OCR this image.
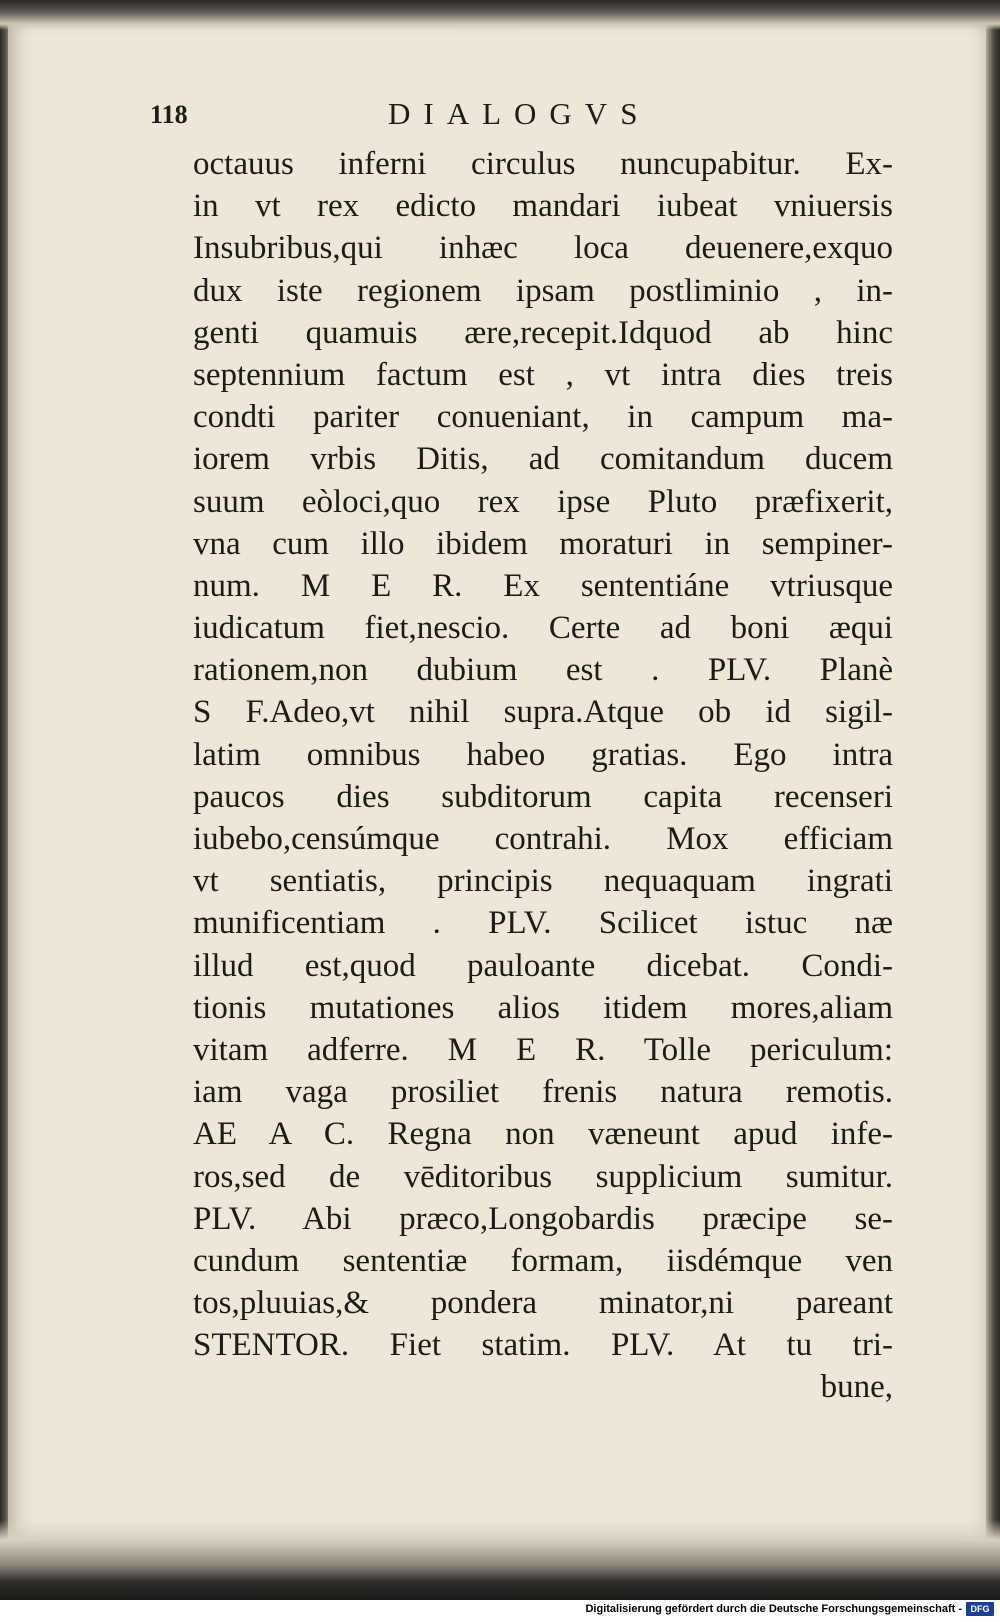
118	DIALOGVS
octauus inferni circulus nuncupabitur. Ex-
in vt rex edicto mandari iubeat vniuersis
Insubribus,qui inhæc loca deuenere,exquo
dux iste regionem ipsam postliminio , in-
genti quamuis ære,recepit.Idquod ab hinc
septennium factum est , vt intra dies treis
condti pariter conueniant, in campum ma-
iorem vrbis Ditis, ad comitandum ducem
suum eòloci,quo rex ipse Pluto præfixerit,
vna cum illo ibidem moraturi in sempiner-
num. M E R. Ex sententiáne vtriusque
iudicatum fiet,nescio. Certe ad boni æqui
rationem,non dubium est . PLV. Planè
S F.Adeo,vt nihil supra.Atque ob id sigil-
latim omnibus habeo gratias. Ego intra
paucos dies subditorum capita recenseri
iubebo,censúmque contrahi. Mox efficiam
vt sentiatis, principis nequaquam ingrati
munificentiam . PLV. Scilicet istuc næ
illud est,quod pauloante dicebat. Condi-
tionis mutationes alios itidem mores,aliam
vitam adferre. M E R. Tolle periculum:
iam vaga prosiliet frenis natura remotis.
AE A C. Regna non væneunt apud infe-
ros,sed de vēditoribus supplicium sumitur.
PLV. Abi præco,Longobardis præcipe se-
cundum sententiæ formam, iisdémque ven
tos,pluuias,& pondera minator,ni pareant
STENTOR. Fiet statim. PLV. At tu tri-
bune,
Digitalisierung gefördert durch die Deutsche Forschungsgemeinschaft - DFG
